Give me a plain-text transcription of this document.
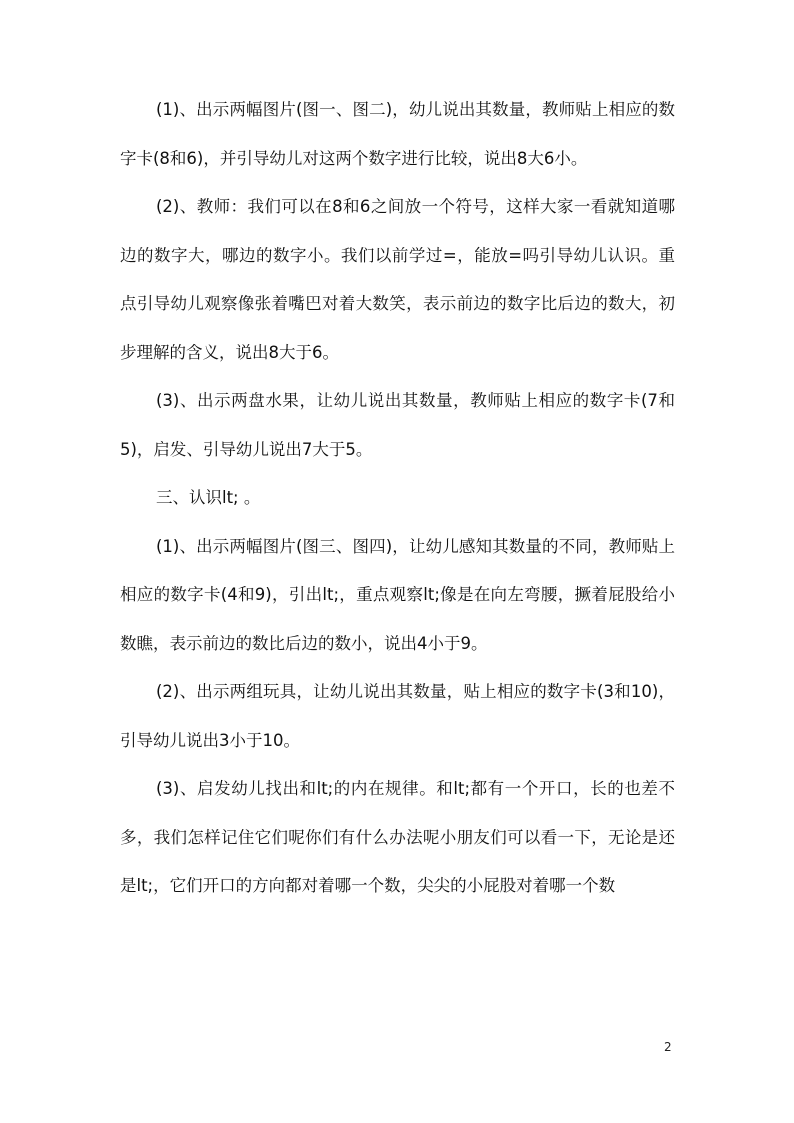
(1)、出示两幅图片(图一、图二)，幼儿说出其数量，教师贴上相应的数字卡(8和6)，并引导幼儿对这两个数字进行比较，说出8大6小。

(2)、教师：我们可以在8和6之间放一个符号，这样大家一看就知道哪边的数字大，哪边的数字小。我们以前学过=，能放=吗引导幼儿认识。重点引导幼儿观察像张着嘴巴对着大数笑，表示前边的数字比后边的数大，初步理解的含义，说出8大于6。

(3)、出示两盘水果，让幼儿说出其数量，教师贴上相应的数字卡(7和5)，启发、引导幼儿说出7大于5。

三、认识lt; 。

(1)、出示两幅图片(图三、图四)，让幼儿感知其数量的不同，教师贴上相应的数字卡(4和9)，引出lt;，重点观察lt;像是在向左弯腰，撅着屁股给小数瞧，表示前边的数比后边的数小，说出4小于9。

(2)、出示两组玩具，让幼儿说出其数量，贴上相应的数字卡(3和10)，引导幼儿说出3小于10。

(3)、启发幼儿找出和lt;的内在规律。和lt;都有一个开口，长的也差不多，我们怎样记住它们呢你们有什么办法呢小朋友们可以看一下，无论是还是lt;，它们开口的方向都对着哪一个数，尖尖的小屁股对着哪一个数

2
